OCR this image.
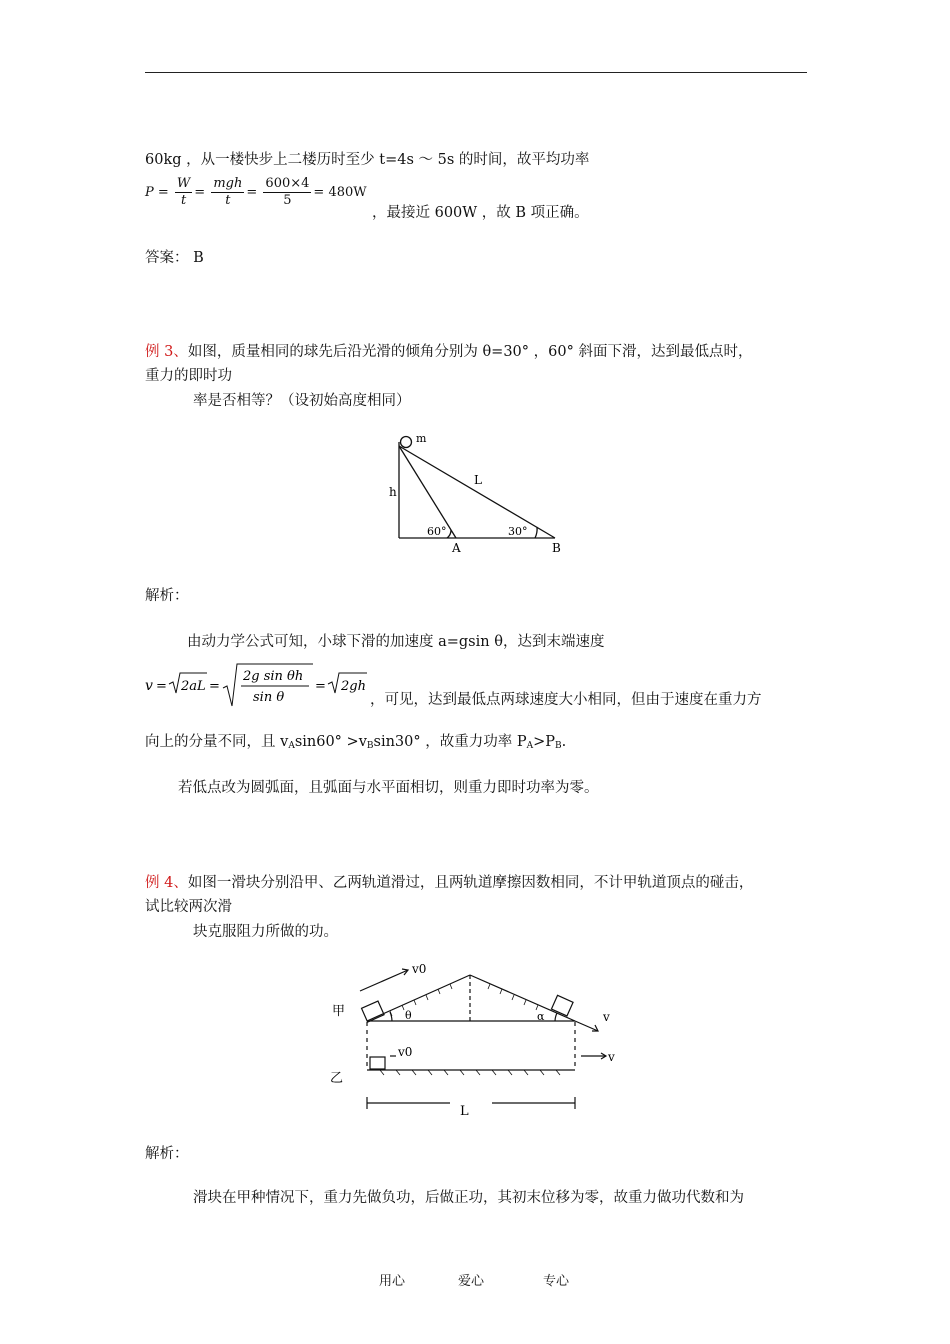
60kg ，从一楼快步上二楼历时至少 t=4s ～ 5s 的时间，故平均功率
$P = \frac{W}{t} = \frac{\text{mgh}}{t} = \frac{600\times 4}{5} = 480W$
，最接近 600W ，故 B 项正确。
答案： B
例 3、如图，质量相同的球先后沿光滑的倾角分别为 θ=30° ，60° 斜面下滑，达到最低点时，
重力的即时功
率是否相等？（设初始高度相同）
m
h
L
60°	30°
A	B
解析：
由动力学公式可知，小球下滑的加速度 a=gsin θ，达到末端速度
v = 2aL =
2g sin θh
sin θ
= 2gh
，可见，达到最低点两球速度大小相同，但由于速度在重力方
向上的分量不同，且 $v_A\sin 60^\circ >v_B\sin 30^\circ$ ，故重力功率 $P_A>P_B$.
若低点改为圆弧面，且弧面与水平面相切，则重力即时功率为零。
例 4、如图一滑块分别沿甲、乙两轨道滑过，且两轨道摩擦因数相同，不计甲轨道顶点的碰击，
试比较两次滑
块克服阻力所做的功。
甲
乙
v0
v
θ	α
v0	v
L
解析：
滑块在甲种情况下，重力先做负功，后做正功，其初末位移为零，故重力做功代数和为
用心	爱心	专心
